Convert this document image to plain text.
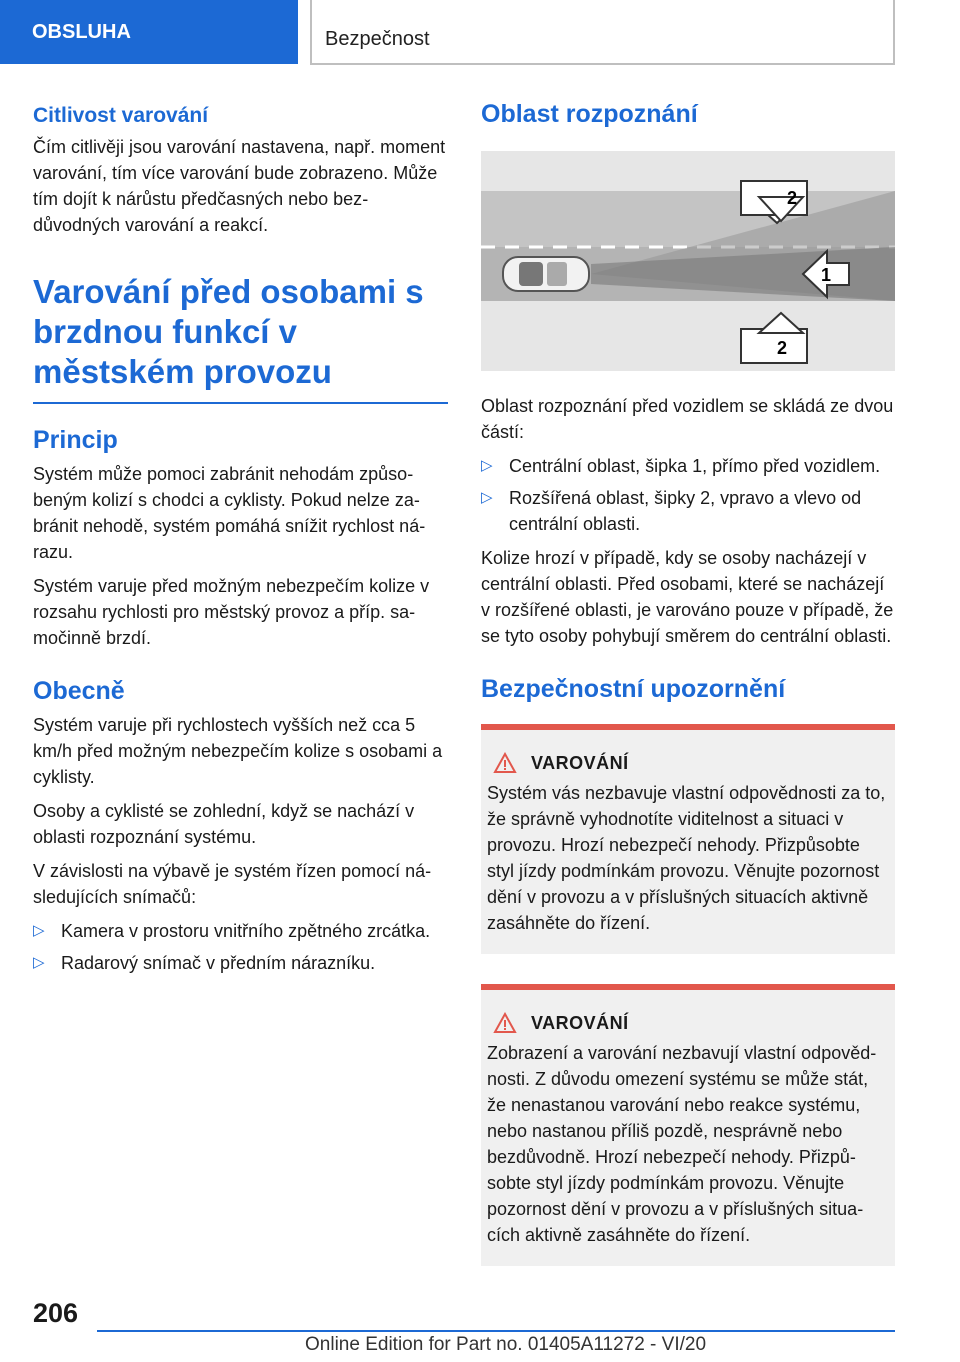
OBSLUHA	Bezpečnost
Citlivost varování

Čím citlivěji jsou varování nastavena, např. moment varování, tím více varování bude zobrazeno. Může tím dojít k nárůstu předčasných nebo bezdůvodných varování a reakcí.

Varování před osobami s brzdnou funkcí v městském provozu
Princip

Systém může pomoci zabránit nehodám způsobeným kolizí s chodci a cyklisty. Pokud nelze zabránit nehodě, systém pomáhá snížit rychlost nárazu.

Systém varuje před možným nebezpečím kolize v rozsahu rychlosti pro městský provoz a příp. samočinně brzdí.

Obecně

Systém varuje při rychlostech vyšších než cca 5 km/h před možným nebezpečím kolize s osobami a cyklisty.

Osoby a cyklisté se zohlední, když se nachází v oblasti rozpoznání systému.

V závislosti na výbavě je systém řízen pomocí následujících snímačů:

▷ Kamera v prostoru vnitřního zpětného zrcátka.
▷ Radarový snímač v předním nárazníku.
Oblast rozpoznání
2
1
2

Oblast rozpoznání před vozidlem se skládá ze dvou částí:

▷ Centrální oblast, šipka 1, přímo před vozidlem.
▷ Rozšířená oblast, šipky 2, vpravo a vlevo od centrální oblasti.

Kolize hrozí v případě, kdy se osoby nacházejí v centrální oblasti. Před osobami, které se nacházejí v rozšířené oblasti, je varováno pouze v případě, že se tyto osoby pohybují směrem do centrální oblasti.

Bezpečnostní upozornění
VAROVÁNÍ

Systém vás nezbavuje vlastní odpovědnosti za to, že správně vyhodnotíte viditelnost a situaci v provozu. Hrozí nebezpečí nehody. Přizpůsobte styl jízdy podmínkám provozu. Věnujte pozornost dění v provozu a v příslušných situacích aktivně zasáhněte do řízení.

VAROVÁNÍ

Zobrazení a varování nezbavují vlastní odpovědnosti. Z důvodu omezení systému se může stát, že nenastanou varování nebo reakce systému, nebo nastanou příliš pozdě, nesprávně nebo bezdůvodně. Hrozí nebezpečí nehody. Přizpůsobte styl jízdy podmínkám provozu. Věnujte pozornost dění v provozu a v příslušných situacích aktivně zasáhněte do řízení.

206
Online Edition for Part no. 01405A11272 - VI/20
